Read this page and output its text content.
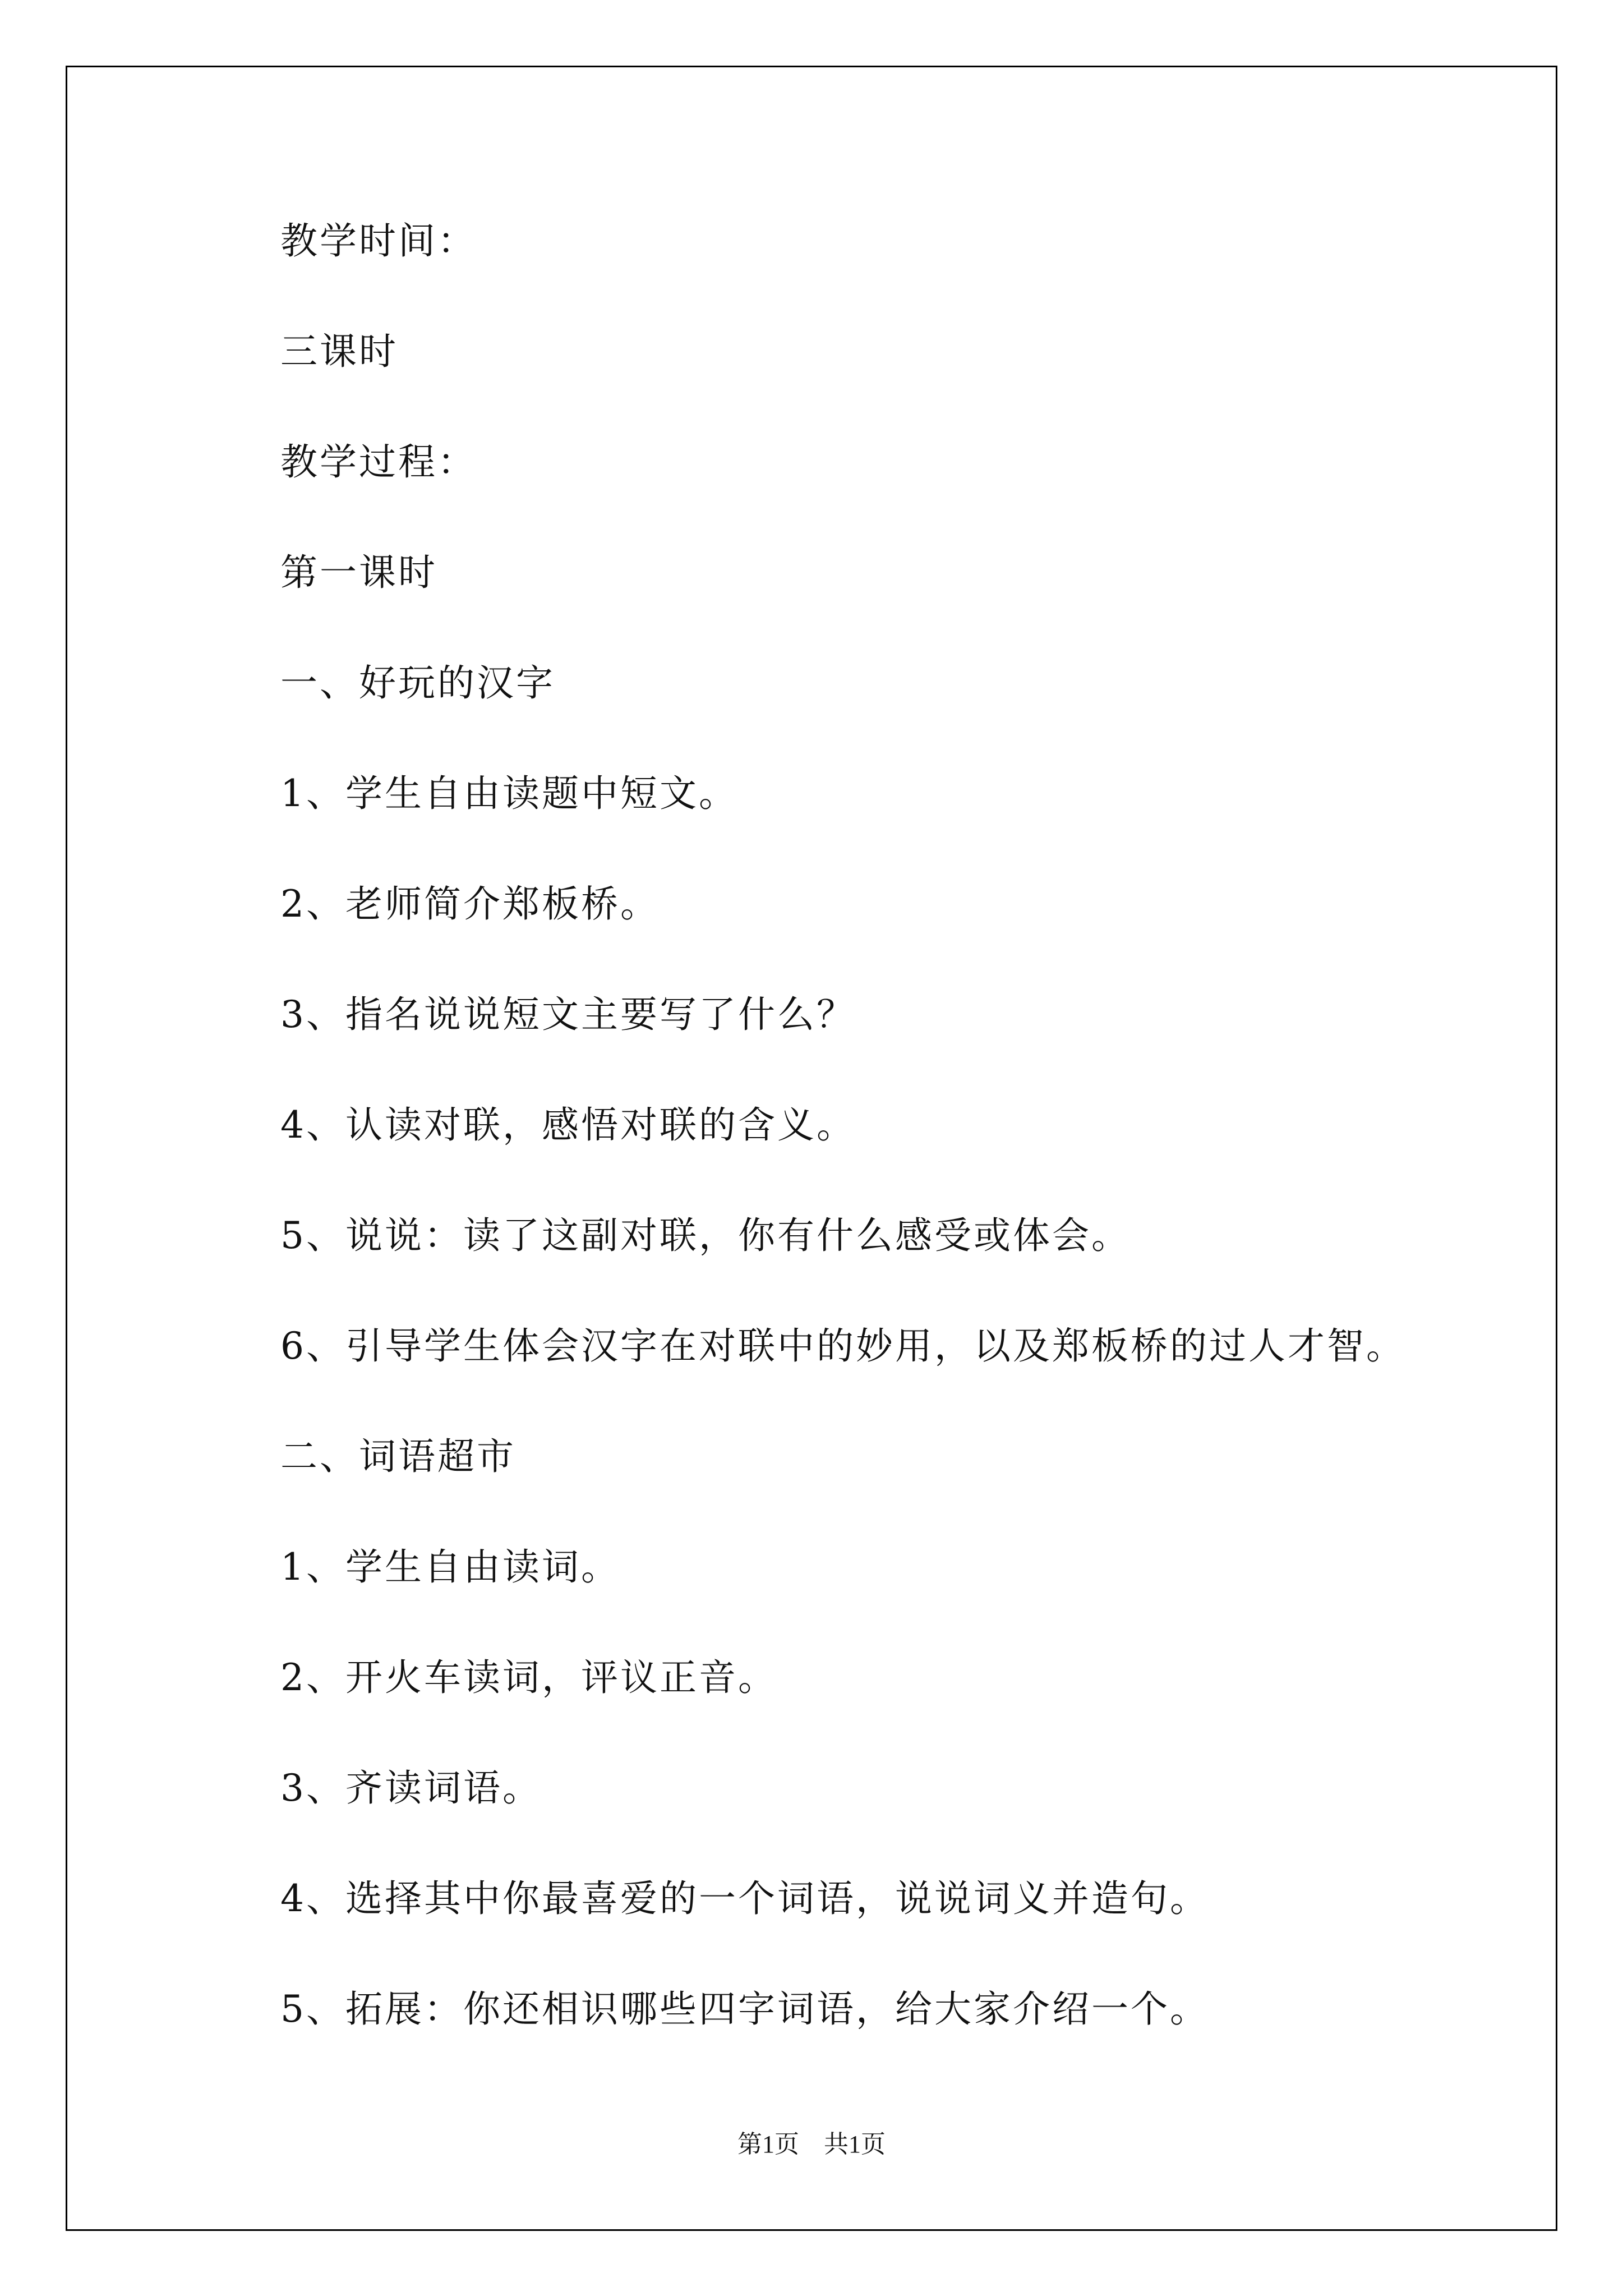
教学时间：

三课时

教学过程：

第一课时

一、好玩的汉字

1、学生自由读题中短文。

2、老师简介郑板桥。

3、指名说说短文主要写了什么？

4、认读对联，感悟对联的含义。

5、说说：读了这副对联，你有什么感受或体会。

6、引导学生体会汉字在对联中的妙用，以及郑板桥的过人才智。

二、词语超市

1、学生自由读词。

2、开火车读词，评议正音。

3、齐读词语。

4、选择其中你最喜爱的一个词语，说说词义并造句。

5、拓展：你还相识哪些四字词语，给大家介绍一个。

第1页 共1页
